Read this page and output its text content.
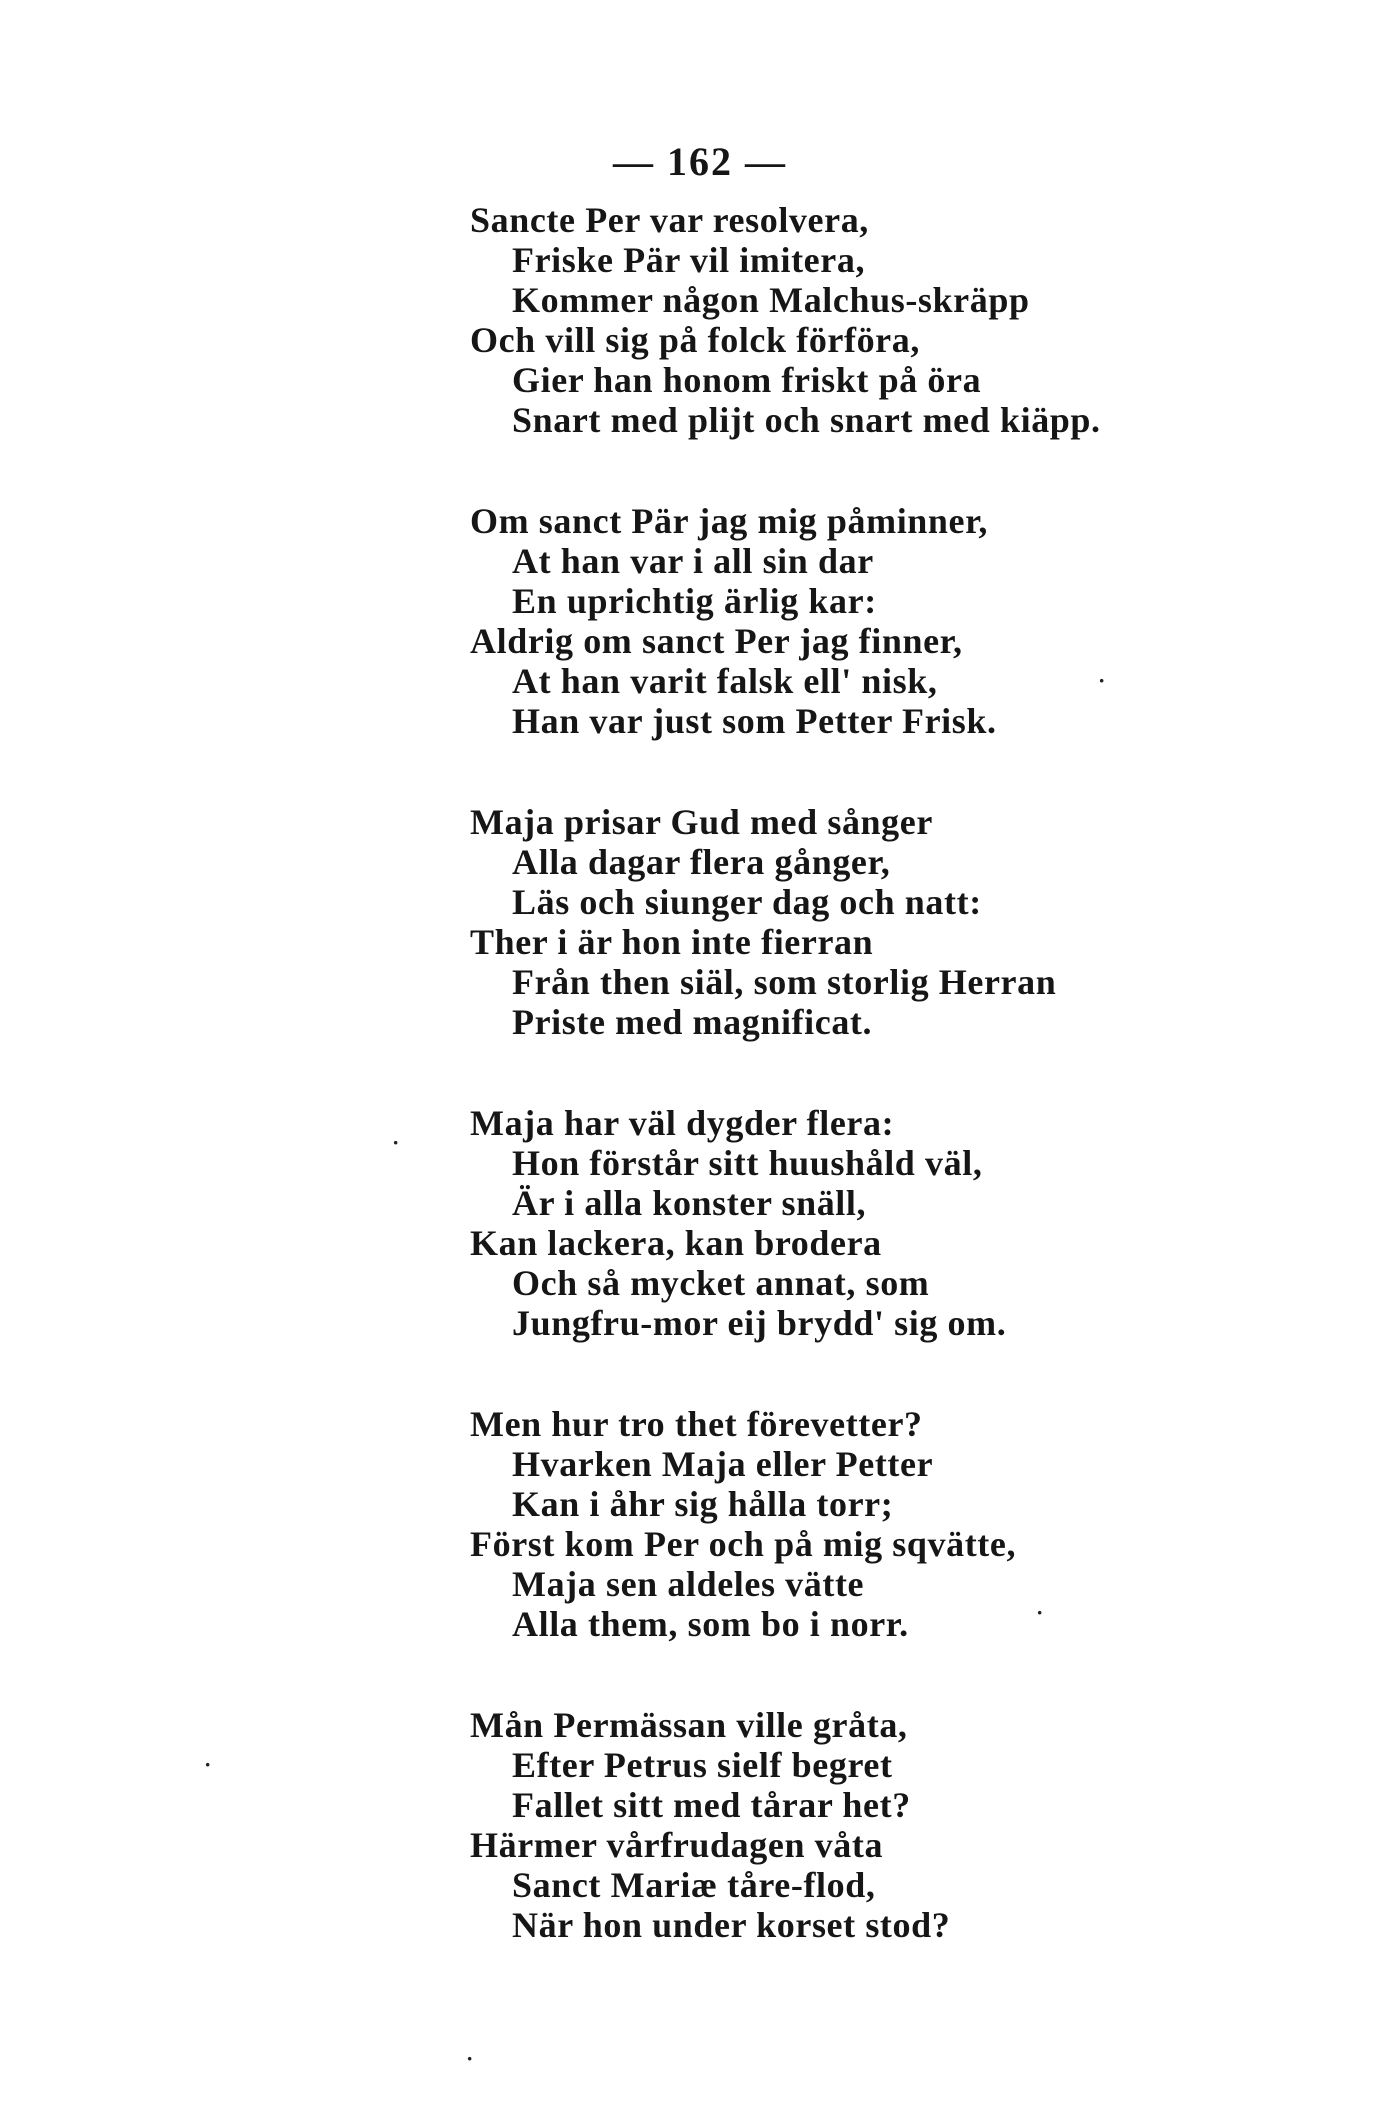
— 162 —
Sancte Per var resolvera,
Friske Pär vil imitera,
Kommer någon Malchus-skräpp
Och vill sig på folck förföra,
Gier han honom friskt på öra
Snart med plijt och snart med kiäpp.
Om sanct Pär jag mig påminner,
At han var i all sin dar
En uprichtig ärlig kar:
Aldrig om sanct Per jag finner,
At han varit falsk ell' nisk,
Han var just som Petter Frisk.
Maja prisar Gud med sånger
Alla dagar flera gånger,
Läs och siunger dag och natt:
Ther i är hon inte fierran
Från then siäl, som storlig Herran
Priste med magnificat.
Maja har väl dygder flera:
Hon förstår sitt huushåld väl,
Är i alla konster snäll,
Kan lackera, kan brodera
Och så mycket annat, som
Jungfru-mor eij brydd' sig om.
Men hur tro thet förevetter?
Hvarken Maja eller Petter
Kan i åhr sig hålla torr;
Först kom Per och på mig sqvätte,
Maja sen aldeles vätte
Alla them, som bo i norr.
Mån Permässan ville gråta,
Efter Petrus sielf begret
Fallet sitt med tårar het?
Härmer vårfrudagen våta
Sanct Mariæ tåre-flod,
När hon under korset stod?
·
·
·
·
·
